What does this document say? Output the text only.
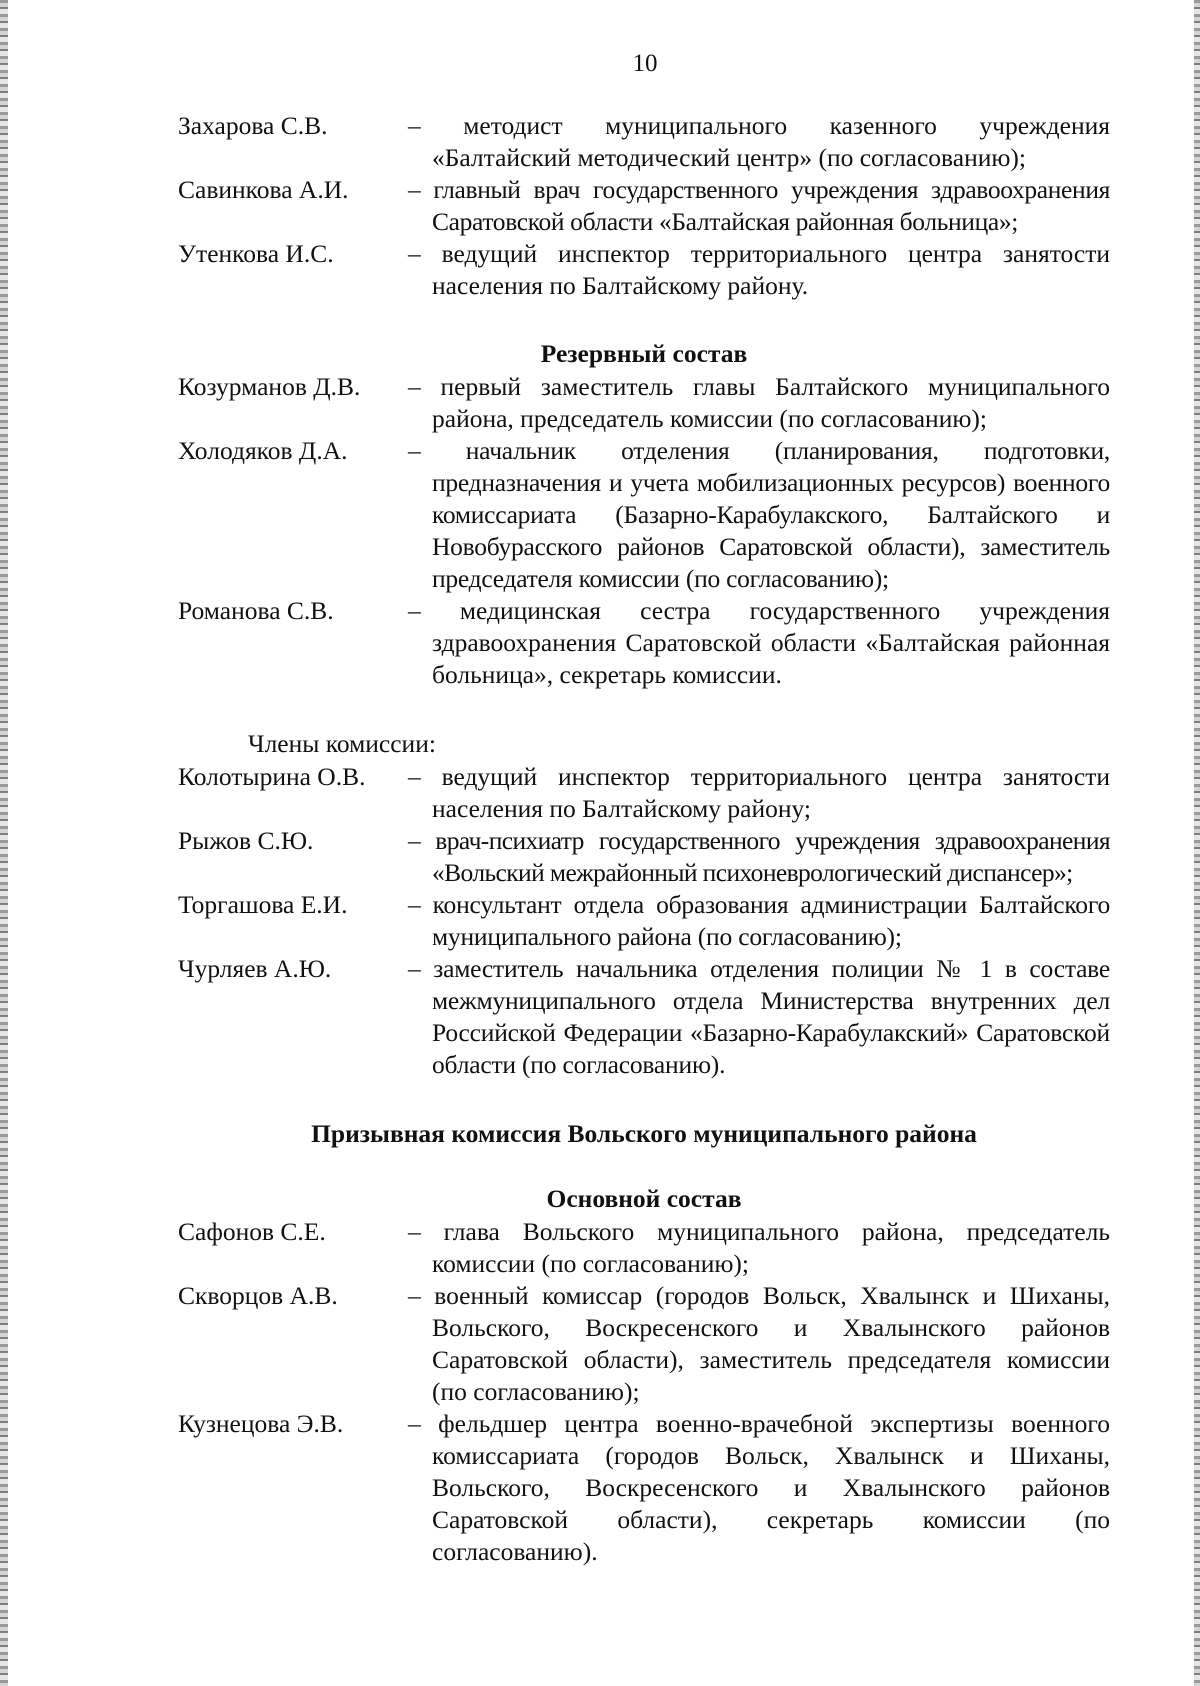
10
Захарова С.В.	– методист муниципального казенного учреждения «Балтайский методический центр» (по согласованию);
Савинкова А.И.	– главный врач государственного учреждения здравоохранения Саратовской области «Балтайская районная больница»;
Утенкова И.С.	– ведущий инспектор территориального центра занятости населения по Балтайскому району.
Резервный состав
Козурманов Д.В.	– первый заместитель главы Балтайского муниципального района, председатель комиссии (по согласованию);
Холодяков Д.А.	– начальник отделения (планирования, подготовки, предназначения и учета мобилизационных ресурсов) военного комиссариата (Базарно-Карабулакского, Балтайского и Новобурасского районов Саратовской области), заместитель председателя комиссии (по согласованию);
Романова С.В.	– медицинская сестра государственного учреждения здравоохранения Саратовской области «Балтайская районная больница», секретарь комиссии.
Члены комиссии:
Колотырина О.В.	– ведущий инспектор территориального центра занятости населения по Балтайскому району;
Рыжов С.Ю.	– врач-психиатр государственного учреждения здравоохранения «Вольский межрайонный психоневрологический диспансер»;
Торгашова Е.И.	– консультант отдела образования администрации Балтайского муниципального района (по согласованию);
Чурляев А.Ю.	– заместитель начальника отделения полиции № 1 в составе межмуниципального отдела Министерства внутренних дел Российской Федерации «Базарно-Карабулакский» Саратовской области (по согласованию).
Призывная комиссия Вольского муниципального района
Основной состав
Сафонов С.Е.	– глава Вольского муниципального района, председатель комиссии (по согласованию);
Скворцов А.В.	– военный комиссар (городов Вольск, Хвалынск и Шиханы, Вольского, Воскресенского и Хвалынского районов Саратовской области), заместитель председателя комиссии (по согласованию);
Кузнецова Э.В.	– фельдшер центра военно-врачебной экспертизы военного комиссариата (городов Вольск, Хвалынск и Шиханы, Вольского, Воскресенского и Хвалынского районов Саратовской области), секретарь комиссии (по согласованию).
